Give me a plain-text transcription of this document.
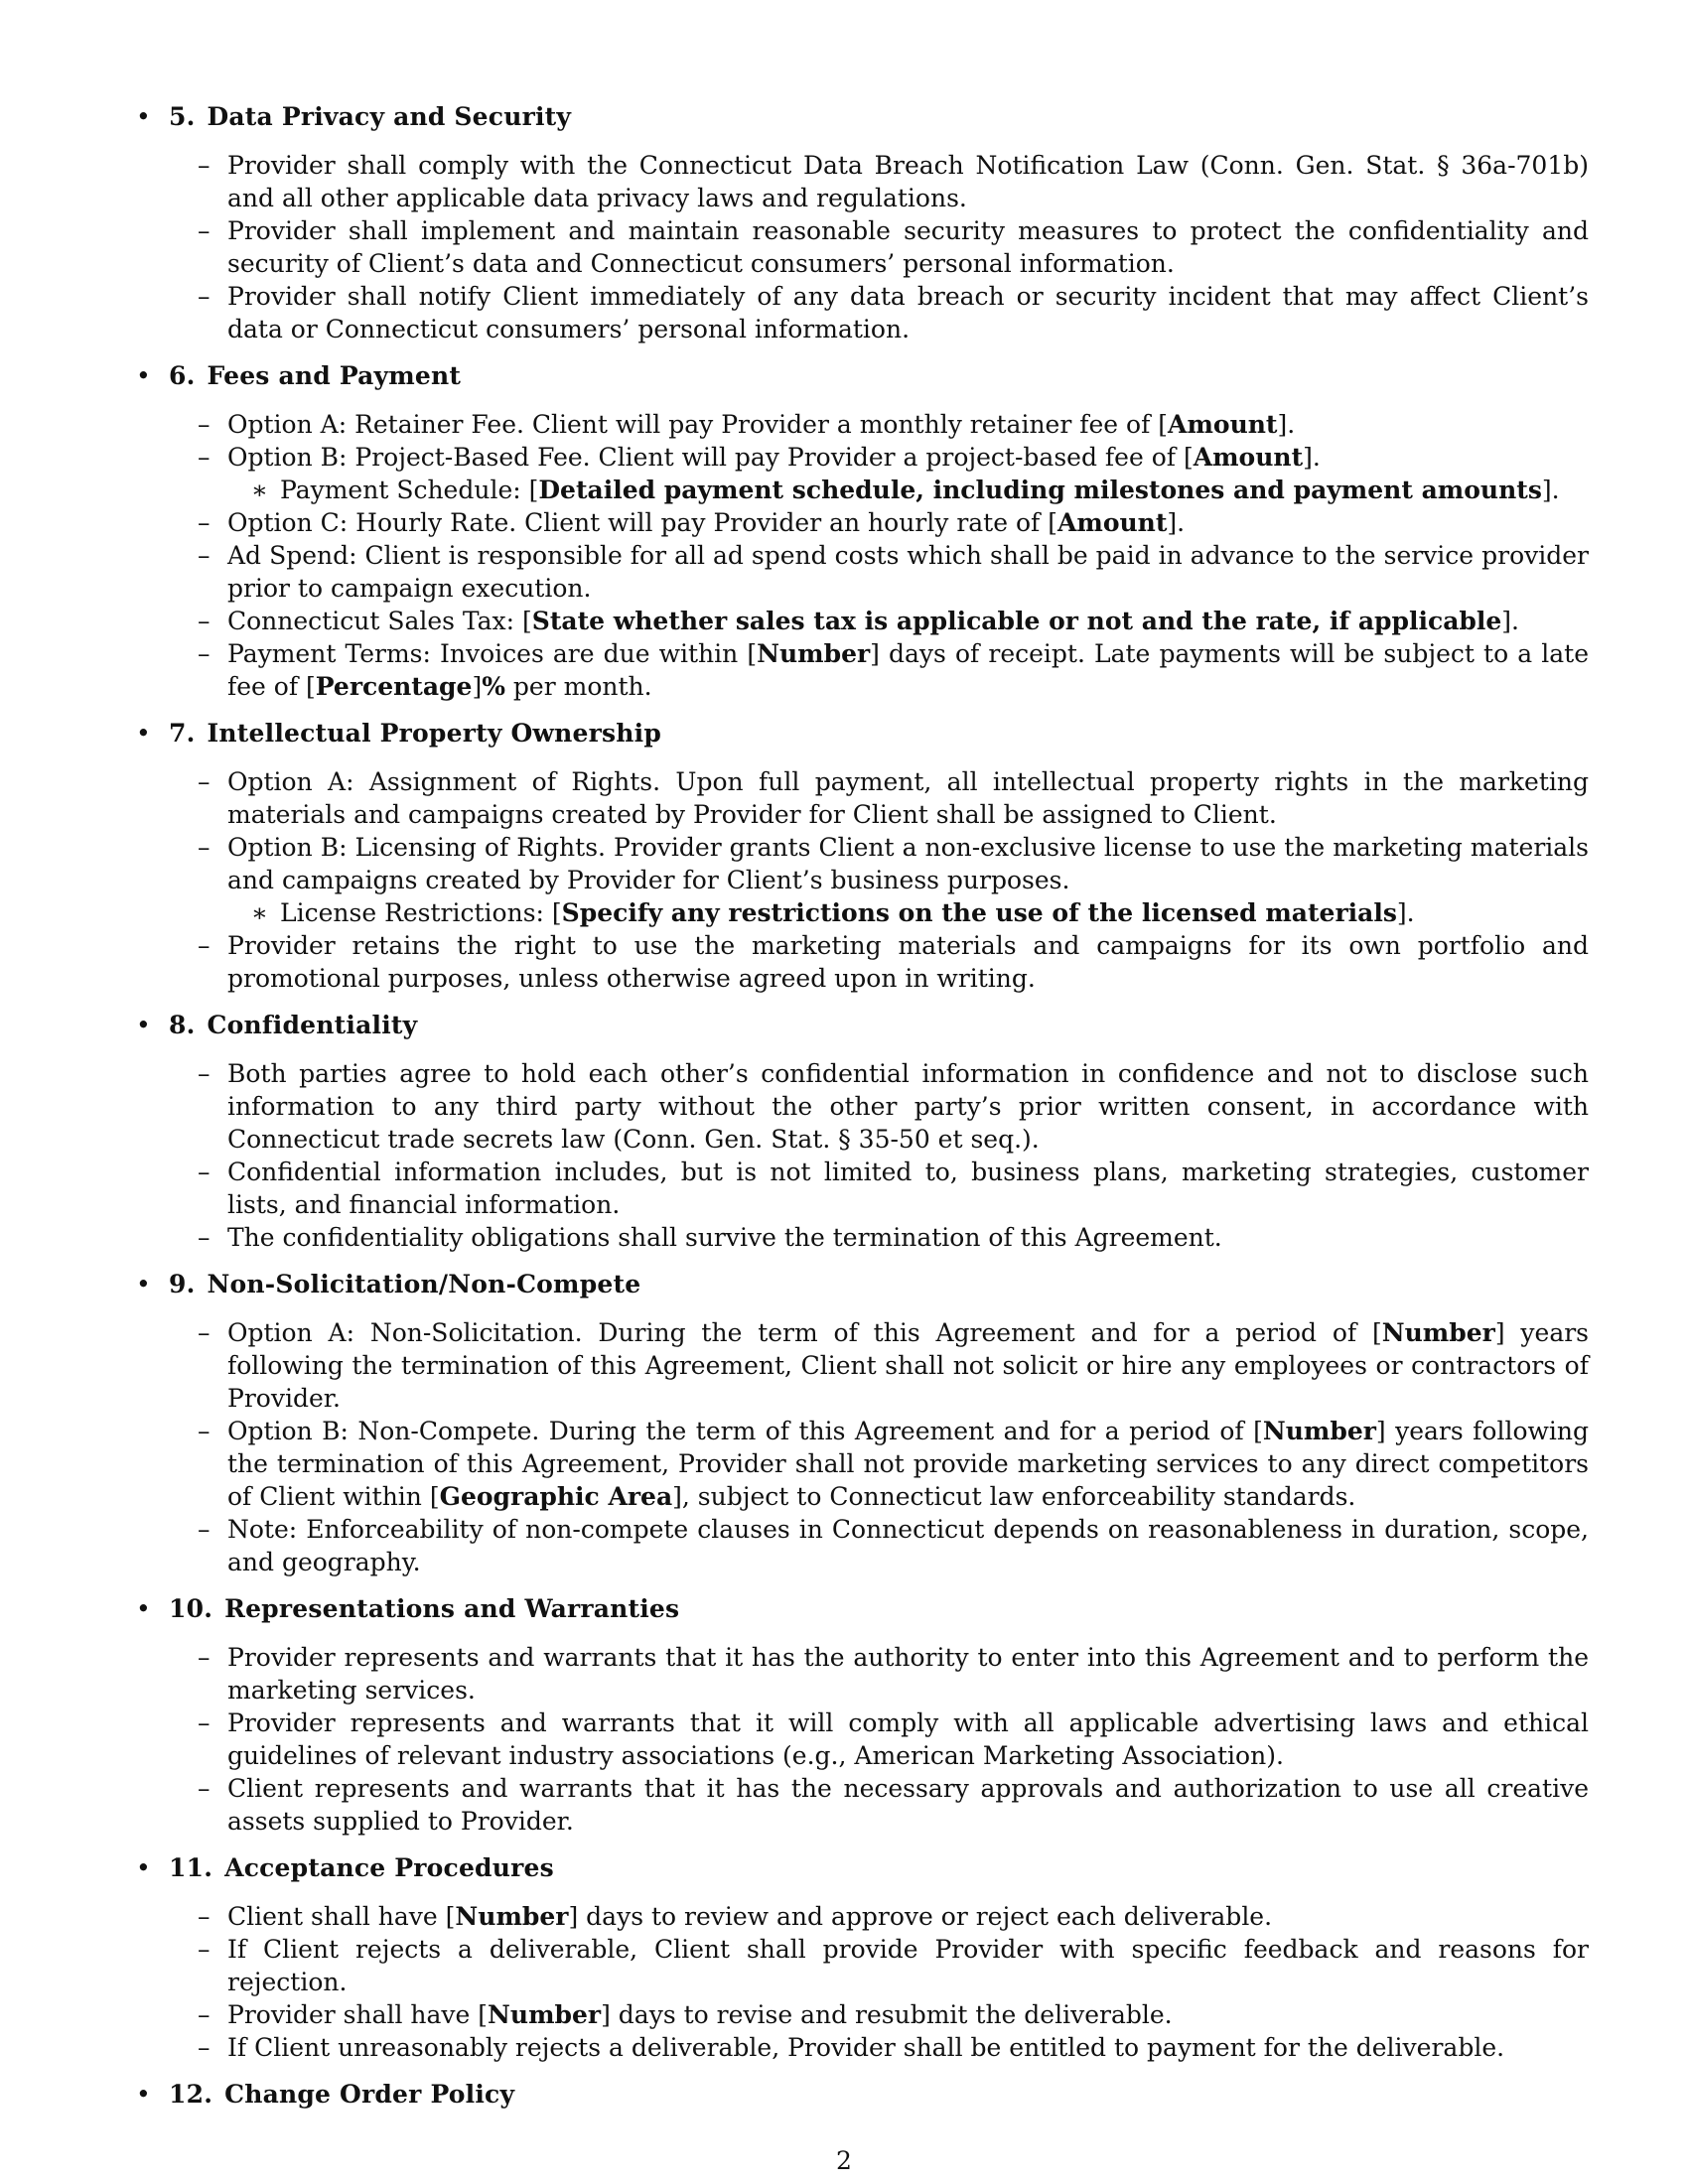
• 5. Data Privacy and Security
– Provider shall comply with the Connecticut Data Breach Notification Law (Conn. Gen. Stat. § 36a-701b) and all other applicable data privacy laws and regulations.
– Provider shall implement and maintain reasonable security measures to protect the confidentiality and security of Client’s data and Connecticut consumers’ personal information.
– Provider shall notify Client immediately of any data breach or security incident that may affect Client’s data or Connecticut consumers’ personal information.
• 6. Fees and Payment
– Option A: Retainer Fee. Client will pay Provider a monthly retainer fee of [Amount].
– Option B: Project-Based Fee. Client will pay Provider a project-based fee of [Amount].
∗ Payment Schedule: [Detailed payment schedule, including milestones and payment amounts].
– Option C: Hourly Rate. Client will pay Provider an hourly rate of [Amount].
– Ad Spend: Client is responsible for all ad spend costs which shall be paid in advance to the service provider prior to campaign execution.
– Connecticut Sales Tax: [State whether sales tax is applicable or not and the rate, if applicable].
– Payment Terms: Invoices are due within [Number] days of receipt. Late payments will be subject to a late fee of [Percentage]% per month.
• 7. Intellectual Property Ownership
– Option A: Assignment of Rights. Upon full payment, all intellectual property rights in the marketing materials and campaigns created by Provider for Client shall be assigned to Client.
– Option B: Licensing of Rights. Provider grants Client a non-exclusive license to use the marketing materials and campaigns created by Provider for Client’s business purposes.
∗ License Restrictions: [Specify any restrictions on the use of the licensed materials].
– Provider retains the right to use the marketing materials and campaigns for its own portfolio and promotional purposes, unless otherwise agreed upon in writing.
• 8. Confidentiality
– Both parties agree to hold each other’s confidential information in confidence and not to disclose such information to any third party without the other party’s prior written consent, in accordance with Connecticut trade secrets law (Conn. Gen. Stat. § 35-50 et seq.).
– Confidential information includes, but is not limited to, business plans, marketing strategies, customer lists, and financial information.
– The confidentiality obligations shall survive the termination of this Agreement.
• 9. Non-Solicitation/Non-Compete
– Option A: Non-Solicitation. During the term of this Agreement and for a period of [Number] years following the termination of this Agreement, Client shall not solicit or hire any employees or contractors of Provider.
– Option B: Non-Compete. During the term of this Agreement and for a period of [Number] years following the termination of this Agreement, Provider shall not provide marketing services to any direct competitors of Client within [Geographic Area], subject to Connecticut law enforceability standards.
– Note: Enforceability of non-compete clauses in Connecticut depends on reasonableness in duration, scope, and geography.
• 10. Representations and Warranties
– Provider represents and warrants that it has the authority to enter into this Agreement and to perform the marketing services.
– Provider represents and warrants that it will comply with all applicable advertising laws and ethical guidelines of relevant industry associations (e.g., American Marketing Association).
– Client represents and warrants that it has the necessary approvals and authorization to use all creative assets supplied to Provider.
• 11. Acceptance Procedures
– Client shall have [Number] days to review and approve or reject each deliverable.
– If Client rejects a deliverable, Client shall provide Provider with specific feedback and reasons for rejection.
– Provider shall have [Number] days to revise and resubmit the deliverable.
– If Client unreasonably rejects a deliverable, Provider shall be entitled to payment for the deliverable.
• 12. Change Order Policy
2
